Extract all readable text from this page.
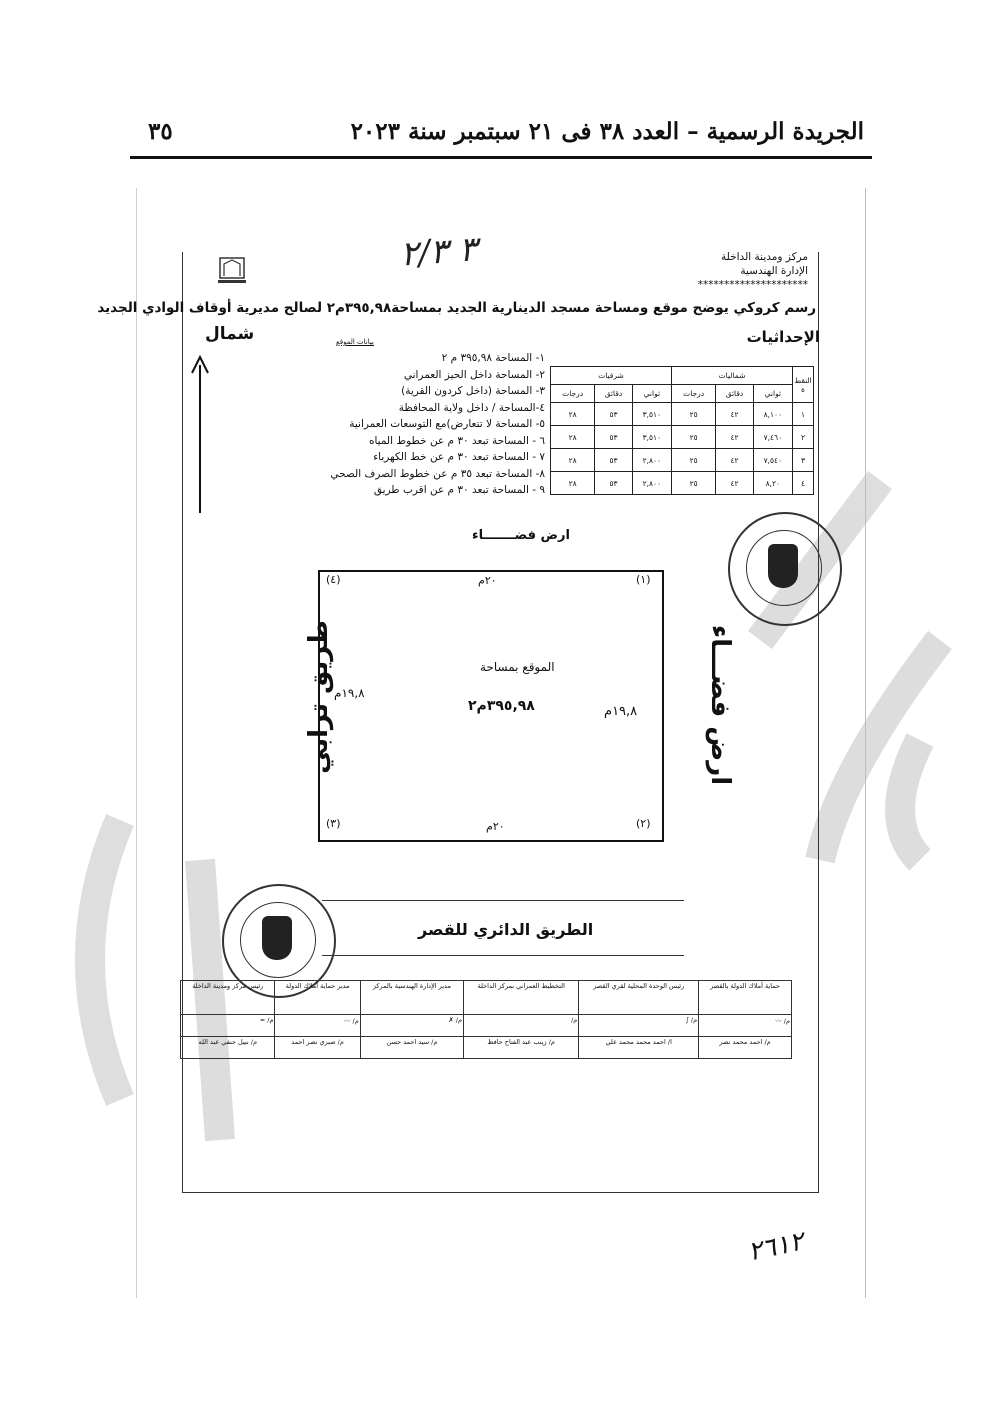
الجريدة الرسمية – العدد ٣٨ فى ٢١ سبتمبر سنة ٢٠٢٣
٣٥
مركز ومدينة الداخلة
الإدارة الهندسية
*********************
٣ ٢/٣
رسم كروكي يوضح موقع ومساحة مسجد الدينارية الجديد بمساحة٣٩٥,٩٨م٢ لصالح مديرية أوقاف الوادي الجديد
الإحداثيات
شمال	بيانات الموقع
١- المساحة ٣٩٥,٩٨ م ٢
٢- المساحة داخل الحيز العمراني
٣- المساحة (داخل كردون القرية)
٤-المساحة / داخل ولاية المحافظة
٥- المساحة لا تتعارض)مع التوسعات العمرانية
٦ - المساحة تبعد ٣٠ م عن خطوط المياه
٧ - المساحة تبعد ٣٠ م عن خط الكهرباء
٨- المساحة تبعد ٣٥ م عن خطوط الصرف الصحي
٩ - المساحة تبعد ٣٠ م عن اقرب طريق
النقط ة	شماليات			شرقيات		
	ثواني	دقائق	درجات	ثواني	دقائق	درجات
١	٨,١٠٠	٤٢	٢٥	٣,٥١٠	٥٣	٢٨
٢	٧,٤٦٠	٤٢	٢٥	٣,٥١٠	٥٣	٢٨
٣	٧,٥٤٠	٤٢	٢٥	٢,٨٠٠	٥٣	٢٨
٤	٨,٢٠	٤٢	٢٥	٢,٨٠٠	٥٣	٢٨
ارض فضـــــــاء
(١)
(٢)
(٣)
(٤)	٢٠م
٢٠م
١٩,٨م
١٩,٨م
الموقع بمساحة
٣٩٥,٩٨م٢
طريق ترابي	ارض فضـــاء
الطريق الدائري للقصر
حماية أملاك الدولة بالقصر	رئيس الوحدة المحلية لقري القصر	التخطيط العمراني بمركز الداخلة	مدير الإدارة الهندسية بالمركز	مدير حماية أملاك الدولة	رئيس مركز ومدينة الداخلة
م/ 〰	م/ ∫	م/	م/ ✗	م/ 〰	م/ ≈
م/ احمد محمد نصر	ا/ احمد محمد محمد علي	م/ زينب عبد الفتاح حافظ	م/ سيد احمد حسن	م/ صبري نصر احمد	م/ نبيل حنفي عبد الله
٢٦١٢
